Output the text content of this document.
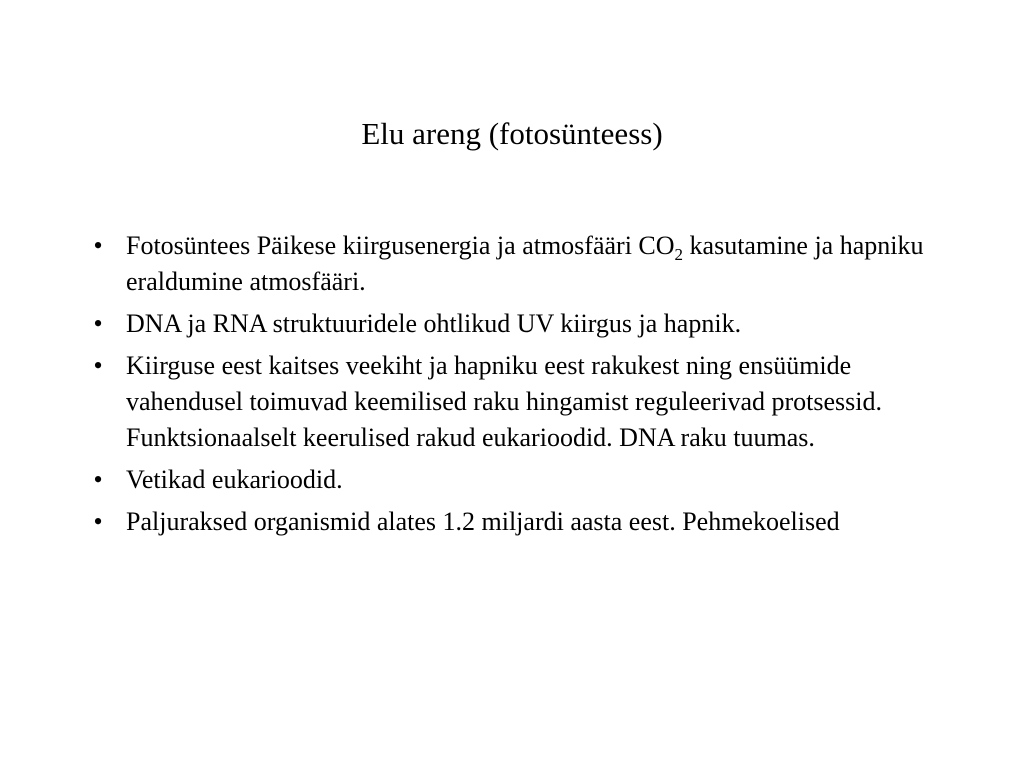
Elu areng (fotosünteess)
• Fotosüntees Päikese kiirgusenergia ja atmosfääri $CO_2$ kasutamine ja hapniku eraldumine atmosfääri.
• DNA ja RNA struktuuridele ohtlikud UV kiirgus ja hapnik.
• Kiirguse eest kaitses veekiht ja hapniku eest rakukest ning ensüümide vahendusel toimuvad keemilised raku hingamist reguleerivad protsessid. Funktsionaalselt keerulised rakud eukarioodid. DNA raku tuumas.
• Vetikad eukarioodid.
• Paljuraksed organismid alates 1.2 miljardi aasta eest. Pehmekoelised
